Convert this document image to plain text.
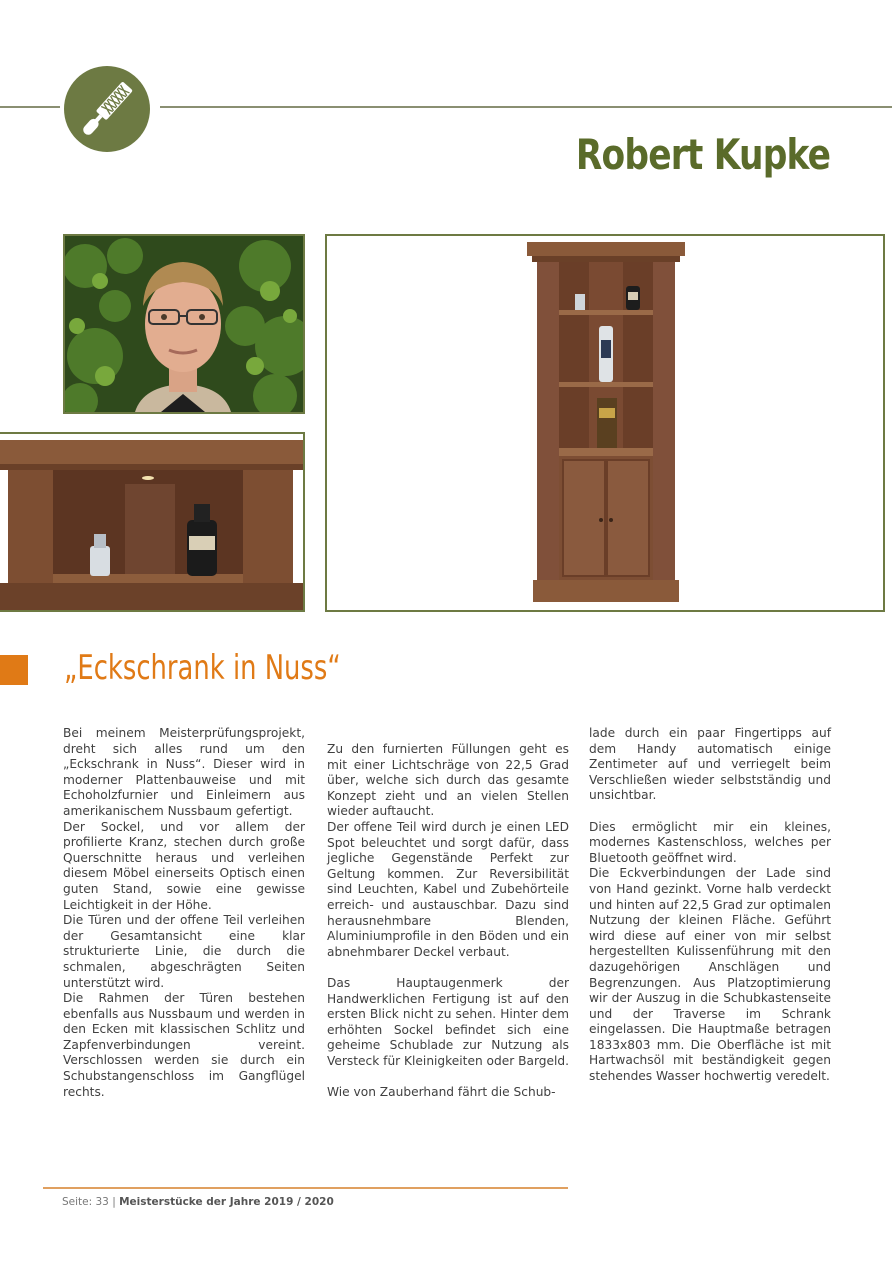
Robert Kupke
„Eckschrank in Nuss“

Bei meinem Meisterprüfungsprojekt, dreht sich alles rund um den „Eckschrank in Nuss“. Dieser wird in moderner Plattenbauweise und mit Echoholzfurnier und Einleimern aus amerikanischem Nussbaum gefertigt.

Der Sockel, und vor allem der profilierte Kranz, stechen durch große Querschnitte heraus und verleihen diesem Möbel einerseits Optisch einen guten Stand, sowie eine gewisse Leichtigkeit in der Höhe.

Die Türen und der offene Teil verleihen der Gesamtansicht eine klar strukturierte Linie, die durch die schmalen, abgeschrägten Seiten unterstützt wird.

Die Rahmen der Türen bestehen ebenfalls aus Nussbaum und werden in den Ecken mit klassischen Schlitz und Zapfenverbindungen vereint. Verschlossen werden sie durch ein Schubstangenschloss im Gangflügel rechts.

Zu den furnierten Füllungen geht es mit einer Lichtschräge von 22,5 Grad über, welche sich durch das gesamte Konzept zieht und an vielen Stellen wieder auftaucht.

Der offene Teil wird durch je einen LED Spot beleuchtet und sorgt dafür, dass jegliche Gegenstände Perfekt zur Geltung kommen. Zur Reversibilität sind Leuchten, Kabel und Zubehörteile erreich- und austauschbar. Dazu sind herausnehmbare Blenden, Aluminiumprofile in den Böden und ein abnehmbarer Deckel verbaut.

Das Hauptaugenmerk der Handwerklichen Fertigung ist auf den ersten Blick nicht zu sehen. Hinter dem erhöhten Sockel befindet sich eine geheime Schublade zur Nutzung als Versteck für Kleinigkeiten oder Bargeld.

Wie von Zauberhand fährt die Schub-

lade durch ein paar Fingertipps auf dem Handy automatisch einige Zentimeter auf und verriegelt beim Verschließen wieder selbstständig und unsichtbar.

Dies ermöglicht mir ein kleines, modernes Kastenschloss, welches per Bluetooth geöffnet wird.

Die Eckverbindungen der Lade sind von Hand gezinkt. Vorne halb verdeckt und hinten auf 22,5 Grad zur optimalen Nutzung der kleinen Fläche. Geführt wird diese auf einer von mir selbst hergestellten Kulissenführung mit den dazugehörigen Anschlägen und Begrenzungen. Aus Platzoptimierung wir der Auszug in die Schubkastenseite und der Traverse im Schrank eingelassen. Die Hauptmaße betragen 1833x803 mm. Die Oberfläche ist mit Hartwachsöl mit beständigkeit gegen stehendes Wasser hochwertig veredelt.

Seite: 33 | Meisterstücke der Jahre 2019 / 2020
